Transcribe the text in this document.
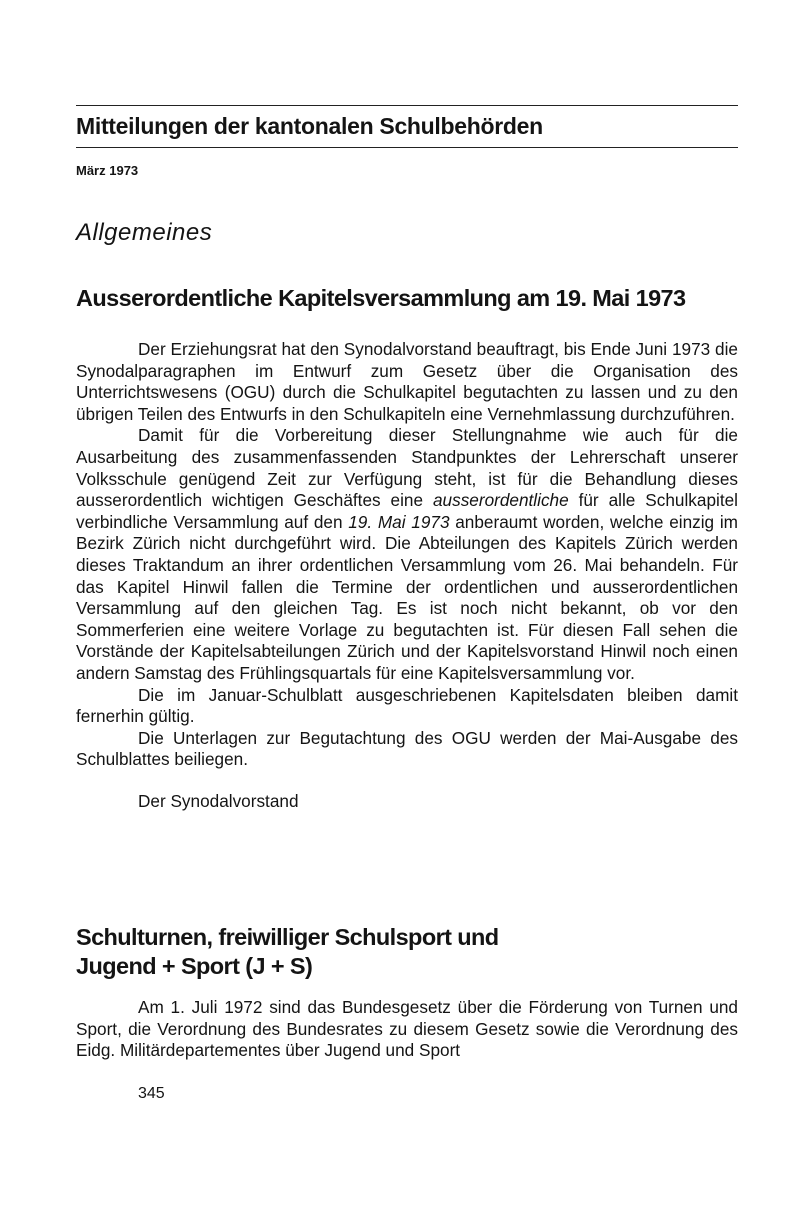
Mitteilungen der kantonalen Schulbehörden
März 1973
Allgemeines
Ausserordentliche Kapitelsversammlung am 19. Mai 1973

Der Erziehungsrat hat den Synodalvorstand beauftragt, bis Ende Juni 1973 die Synodalparagraphen im Entwurf zum Gesetz über die Organisation des Unterrichtswesens (OGU) durch die Schulkapitel begutachten zu lassen und zu den übrigen Teilen des Entwurfs in den Schulkapiteln eine Vernehmlassung durchzuführen.

Damit für die Vorbereitung dieser Stellungnahme wie auch für die Ausarbeitung des zusammenfassenden Standpunktes der Lehrerschaft unserer Volksschule genügend Zeit zur Verfügung steht, ist für die Behandlung dieses ausserordentlich wichtigen Geschäftes eine ausserordentliche für alle Schulkapitel verbindliche Versammlung auf den 19. Mai 1973 anberaumt worden, welche einzig im Bezirk Zürich nicht durchgeführt wird. Die Abteilungen des Kapitels Zürich werden dieses Traktandum an ihrer ordentlichen Versammlung vom 26. Mai behandeln. Für das Kapitel Hinwil fallen die Termine der ordentlichen und ausserordentlichen Versammlung auf den gleichen Tag. Es ist noch nicht bekannt, ob vor den Sommerferien eine weitere Vorlage zu begutachten ist. Für diesen Fall sehen die Vorstände der Kapitelsabteilungen Zürich und der Kapitelsvorstand Hinwil noch einen andern Samstag des Frühlingsquartals für eine Kapitelsversammlung vor.

Die im Januar-Schulblatt ausgeschriebenen Kapitelsdaten bleiben damit fernerhin gültig.

Die Unterlagen zur Begutachtung des OGU werden der Mai-Ausgabe des Schulblattes beiliegen.

Der Synodalvorstand

Schulturnen, freiwilliger Schulsport und
Jugend + Sport (J + S)

Am 1. Juli 1972 sind das Bundesgesetz über die Förderung von Turnen und Sport, die Verordnung des Bundesrates zu diesem Gesetz sowie die Verordnung des Eidg. Militärdepartementes über Jugend und Sport

345
